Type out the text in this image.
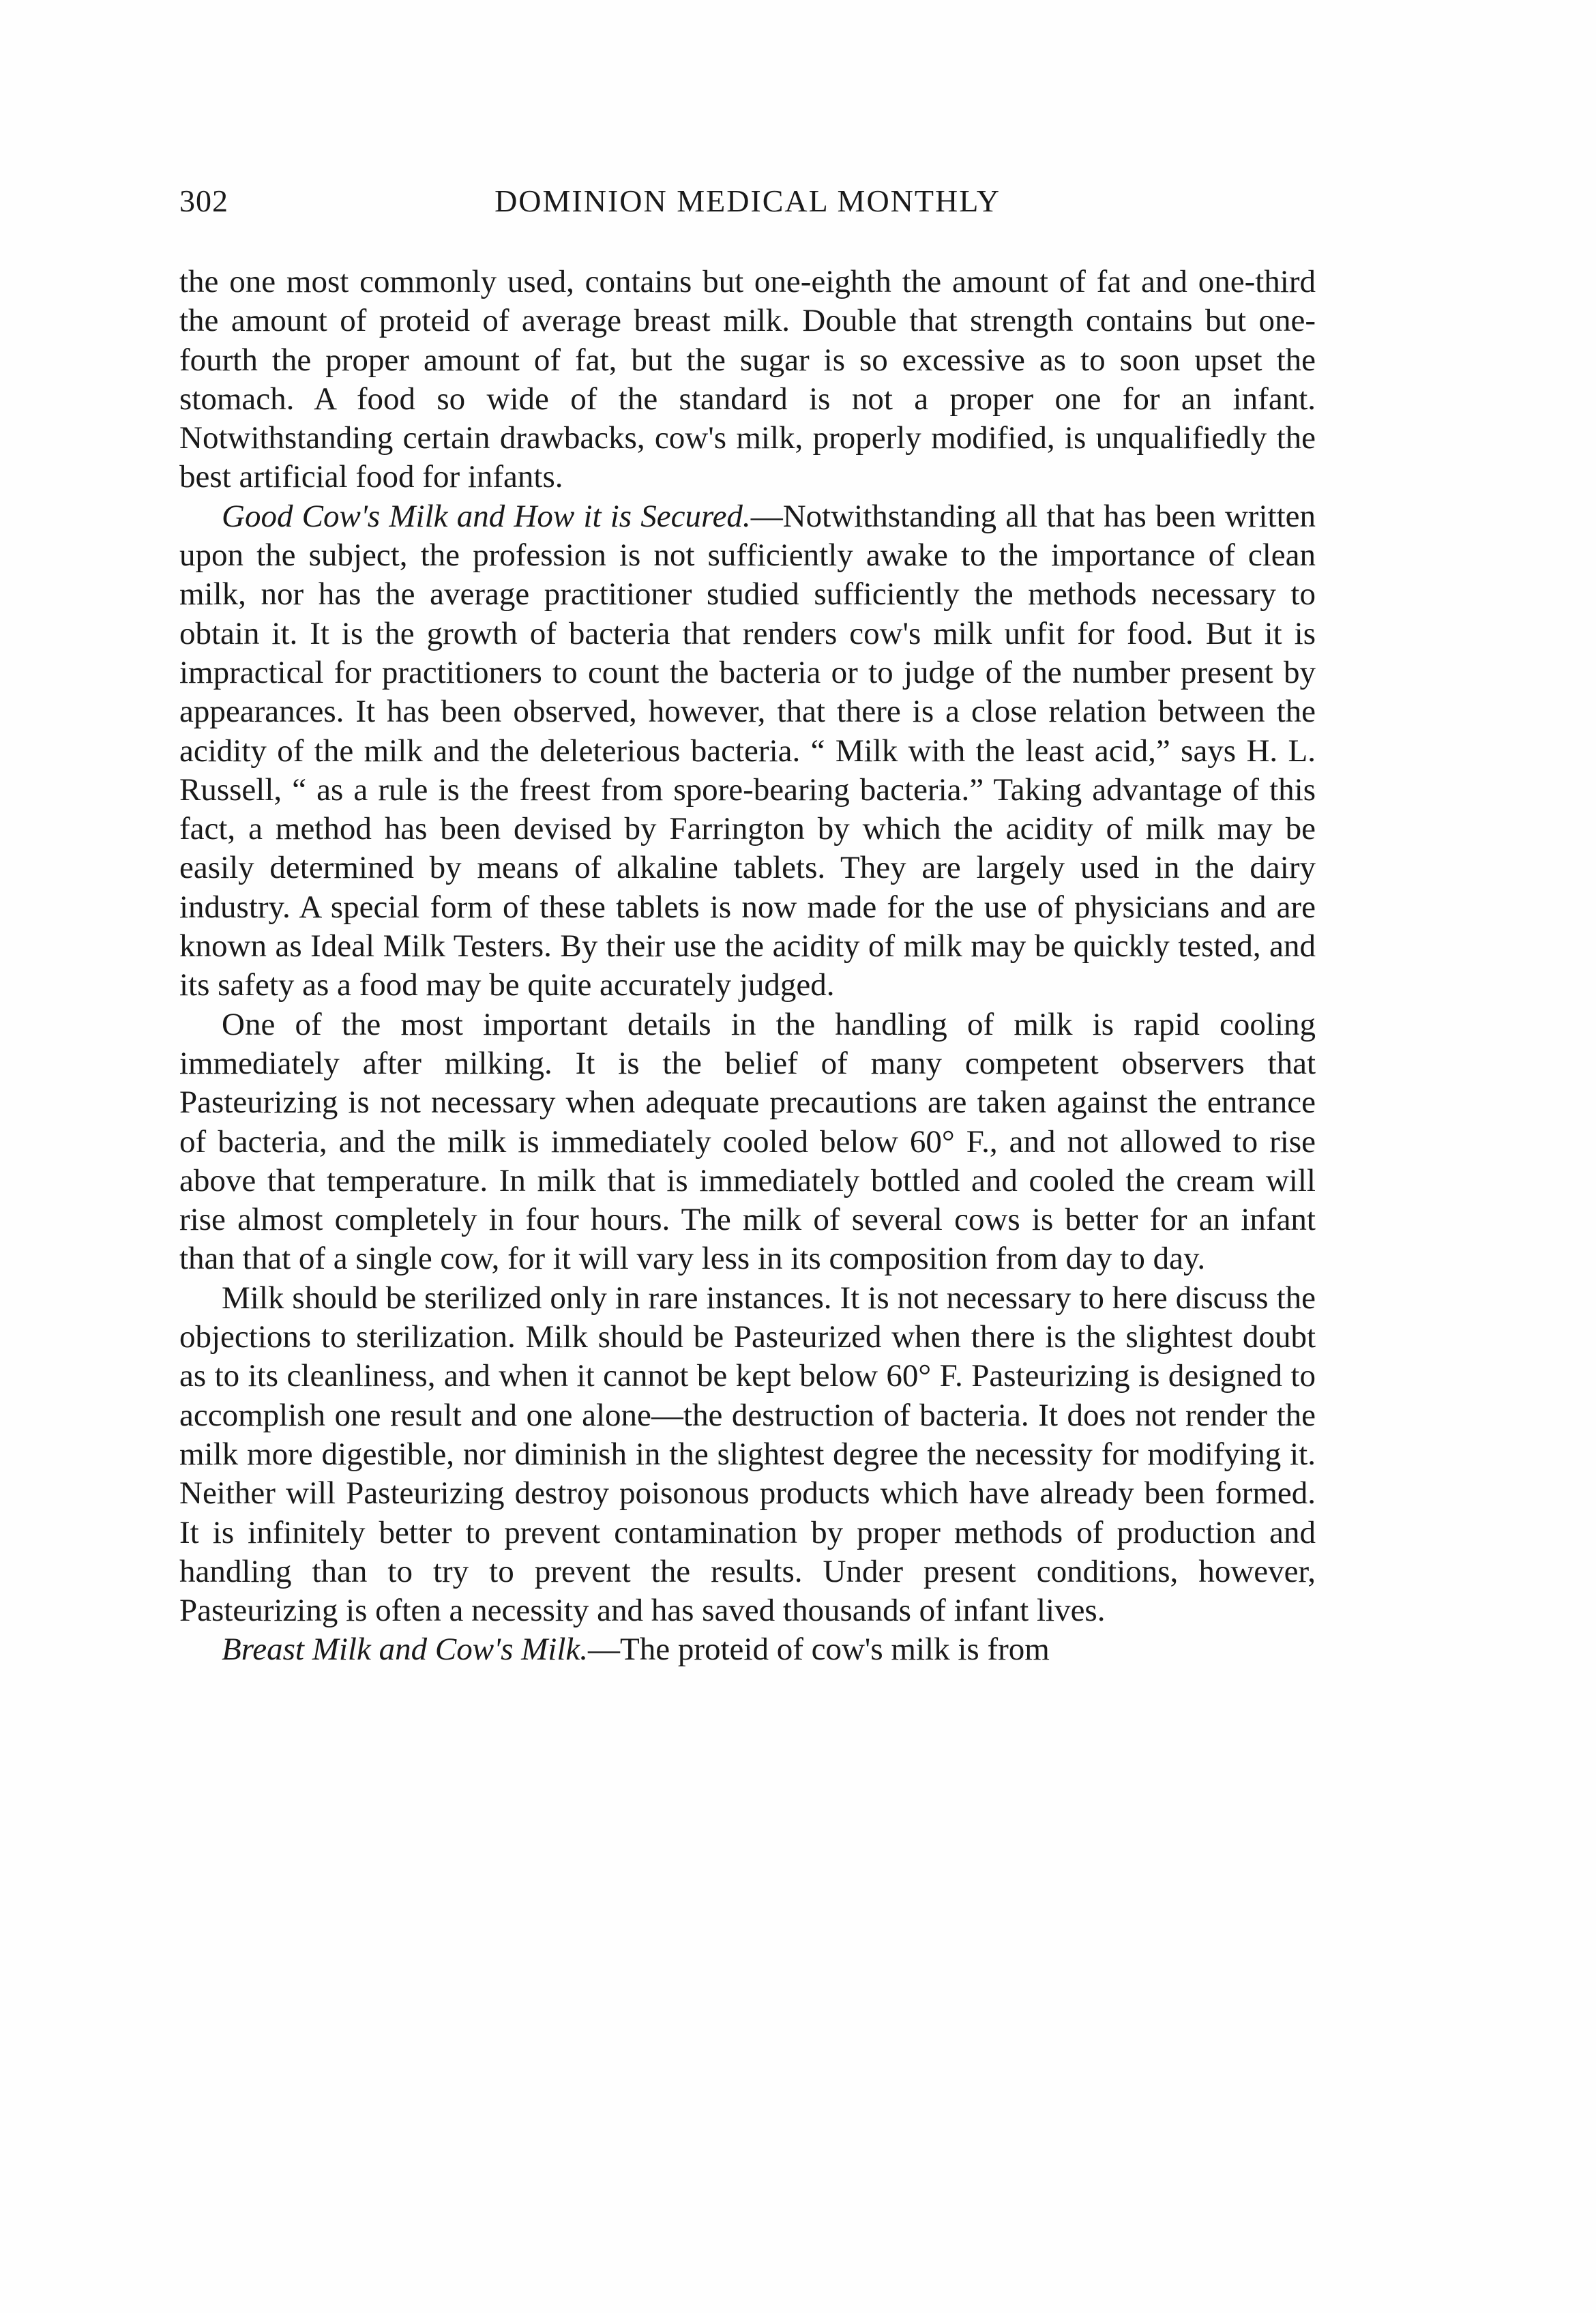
302	DOMINION MEDICAL MONTHLY

the one most commonly used, contains but one-eighth the amount of fat and one-third the amount of proteid of average breast milk. Double that strength contains but one-fourth the proper amount of fat, but the sugar is so excessive as to soon upset the stomach. A food so wide of the standard is not a proper one for an infant. Notwithstanding certain drawbacks, cow's milk, properly modified, is unqualifiedly the best artificial food for infants.

Good Cow's Milk and How it is Secured.—Notwithstanding all that has been written upon the subject, the profession is not sufficiently awake to the importance of clean milk, nor has the average practitioner studied sufficiently the methods necessary to obtain it. It is the growth of bacteria that renders cow's milk unfit for food. But it is impractical for practitioners to count the bacteria or to judge of the number present by appearances. It has been observed, however, that there is a close relation between the acidity of the milk and the deleterious bacteria. “ Milk with the least acid,” says H. L. Russell, “ as a rule is the freest from spore-bearing bacteria.” Taking advantage of this fact, a method has been devised by Farrington by which the acidity of milk may be easily determined by means of alkaline tablets. They are largely used in the dairy industry. A special form of these tablets is now made for the use of physicians and are known as Ideal Milk Testers. By their use the acidity of milk may be quickly tested, and its safety as a food may be quite accurately judged.

One of the most important details in the handling of milk is rapid cooling immediately after milking. It is the belief of many competent observers that Pasteurizing is not necessary when adequate precautions are taken against the entrance of bacteria, and the milk is immediately cooled below 60° F., and not allowed to rise above that temperature. In milk that is immediately bottled and cooled the cream will rise almost completely in four hours. The milk of several cows is better for an infant than that of a single cow, for it will vary less in its composition from day to day.

Milk should be sterilized only in rare instances. It is not necessary to here discuss the objections to sterilization. Milk should be Pasteurized when there is the slightest doubt as to its cleanliness, and when it cannot be kept below 60° F. Pasteurizing is designed to accomplish one result and one alone—the destruction of bacteria. It does not render the milk more digestible, nor diminish in the slightest degree the necessity for modifying it. Neither will Pasteurizing destroy poisonous products which have already been formed. It is infinitely better to prevent contamination by proper methods of production and handling than to try to prevent the results. Under present conditions, however, Pasteurizing is often a necessity and has saved thousands of infant lives.

Breast Milk and Cow's Milk.—The proteid of cow's milk is from
